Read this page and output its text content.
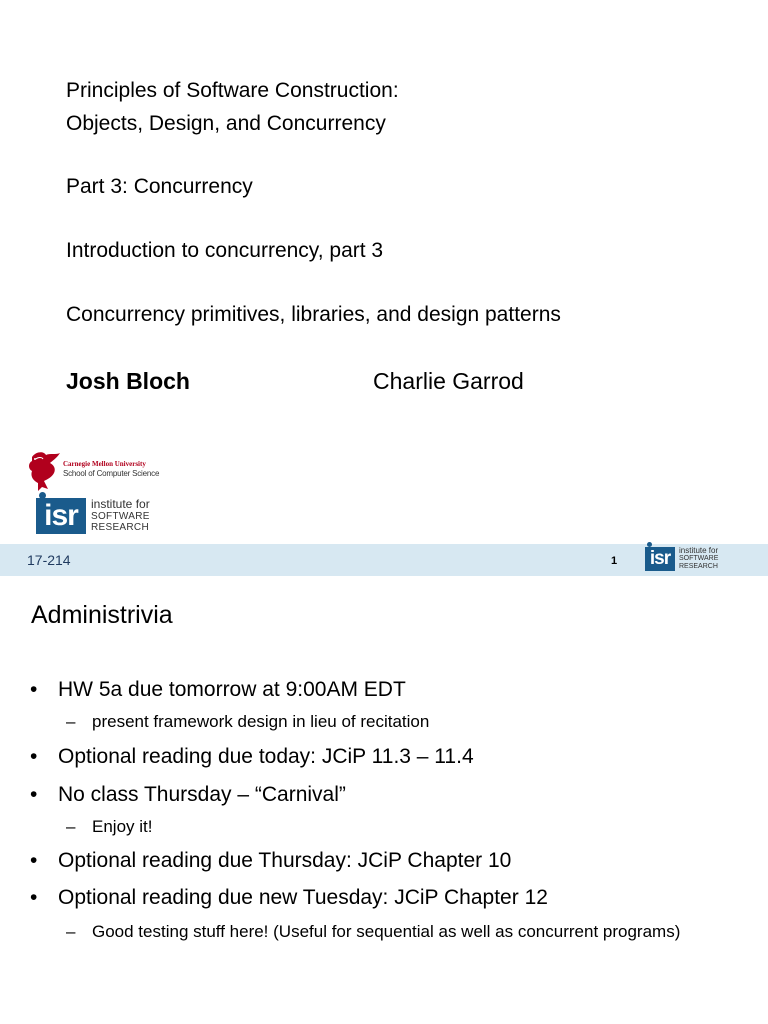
Principles of Software Construction:
Objects, Design, and Concurrency
Part 3: Concurrency
Introduction to concurrency, part 3
Concurrency primitives, libraries, and design patterns
Josh Bloch	Charlie Garrod
Carnegie Mellon University
School of Computer Science
isr	institute for
SOFTWARE
RESEARCH
17-214	1 isr	institute for
SOFTWARE
RESEARCH
Administrivia
• HW 5a due tomorrow at 9:00AM EDT
– present framework design in lieu of recitation
• Optional reading due today: JCiP 11.3 – 11.4
• No class Thursday – “Carnival”
– Enjoy it!
• Optional reading due Thursday: JCiP Chapter 10
• Optional reading due new Tuesday: JCiP Chapter 12
– Good testing stuff here! (Useful for sequential as well as concurrent programs)
